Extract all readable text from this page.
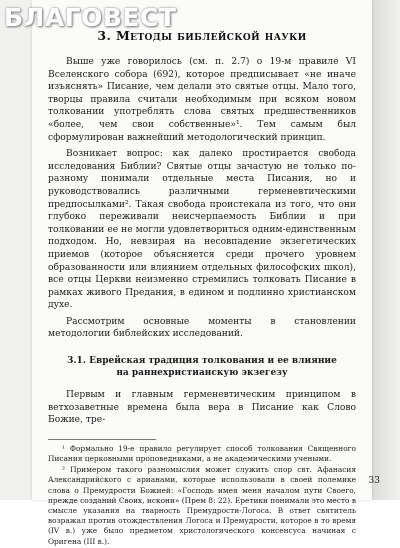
БЛАГОВЕСТ
3. Методы библейской науки

Выше уже говорилось (см. п. 2.7) о 19-м правиле VI Вселенского собора (692), которое предписывает «не иначе изъяснять» Писание, чем делали это святые отцы. Мало того, творцы правила считали необходимым при всяком новом толковании употреблять слова святых предшественников «более, чем свои собственные»¹. Тем самым был сформулирован важнейший методологический принцип.

Возникает вопрос: как далеко простирается свобода исследования Библии? Святые отцы зачастую не только по-разному понимали отдельные места Писания, но и руководствовались различными герменевтическими предпосылками². Такая свобода проистекала из того, что они глубоко переживали неисчерпаемость Библии и при толковании ее не могли удовлетвориться одним-единственным подходом. Но, невзирая на несовпадение экзегетических приемов (которое объясняется среди прочего уровнем образованности или влиянием отдельных философских школ), все отцы Церкви неизменно стремились толковать Писание в рамках живого Предания, в едином и подлинно христианском духе.

Рассмотрим основные моменты в становлении методологии библейских исследований.

3.1. Еврейская традиция толкования и ее влияние
на раннехристианскую экзегезу

Первым и главным герменевтическим принципом в ветхозаветные времена была вера в Писание как Слово Божие, тре-

¹ Формально 19-е правило регулирует способ толкования Священного Писания церковными проповедниками, а не академическими учеными.

² Примером такого разномыслия может служить спор свт. Афанасия Александрийского с арианами, которые использовали в своей полемике слова о Премудрости Божией: «Господь имея меня началом пути Своего, прежде созданий Своих, искони» (Прем 8: 22). Еретики понимали это место в смысле указания на тварность Премудрости-Логоса. В ответ святитель возражал против отождествления Логоса и Премудрости, которое в то время (IV в.) уже было предметом христологического консенсуса начиная с Оригена (III в.).

33
